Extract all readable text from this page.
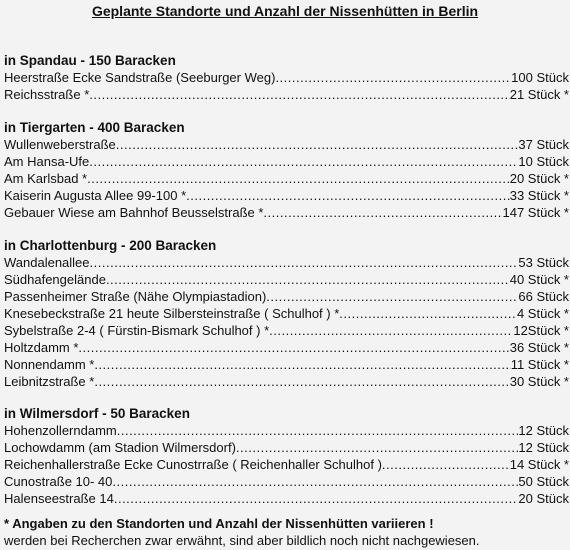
Geplante Standorte und Anzahl der Nissenhütten in Berlin
in Spandau - 150 Baracken
Heerstraße Ecke Sandstraße (Seeburger Weg) .....	100 Stück
Reichsstraße * .....	21 Stück *
in Tiergarten - 400 Baracken
Wullenweberstraße .....	37 Stück
Am Hansa-Ufe .....	10 Stück
Am Karlsbad * .....	20 Stück *
Kaiserin Augusta Allee 99-100 * .....	33 Stück *
Gebauer Wiese am Bahnhof Beusselstraße * .....	147 Stück *
in Charlottenburg - 200 Baracken
Wandalenallee .....	53 Stück
Südhafengelände .....	40 Stück *
Passenheimer Straße (Nähe Olympiastadion) .....	66 Stück
Knesebeckstraße 21 heute Silbersteinstraße ( Schulhof ) * .....	4 Stück *
Sybelstraße 2-4 ( Fürstin-Bismark Schulhof ) * .....	12Stück *
Holtzdamm * .....	36 Stück *
Nonnendamm * .....	11 Stück *
Leibnitzstraße * .....	30 Stück *
in Wilmersdorf - 50 Baracken
Hohenzollerndamm .....	12 Stück
Lochowdamm (am Stadion Wilmersdorf) .....	12 Stück
Reichenhallerstraße Ecke Cunostrraße ( Reichenhaller Schulhof ) .....	14 Stück *
Cunostraße 10- 40 .....	50 Stück
Halenseestraße 14 .....	20 Stück
* Angaben zu den Standorten und Anzahl der Nissenhütten variieren !
werden bei Recherchen zwar erwähnt, sind aber bildlich noch nicht nachgewiesen.
